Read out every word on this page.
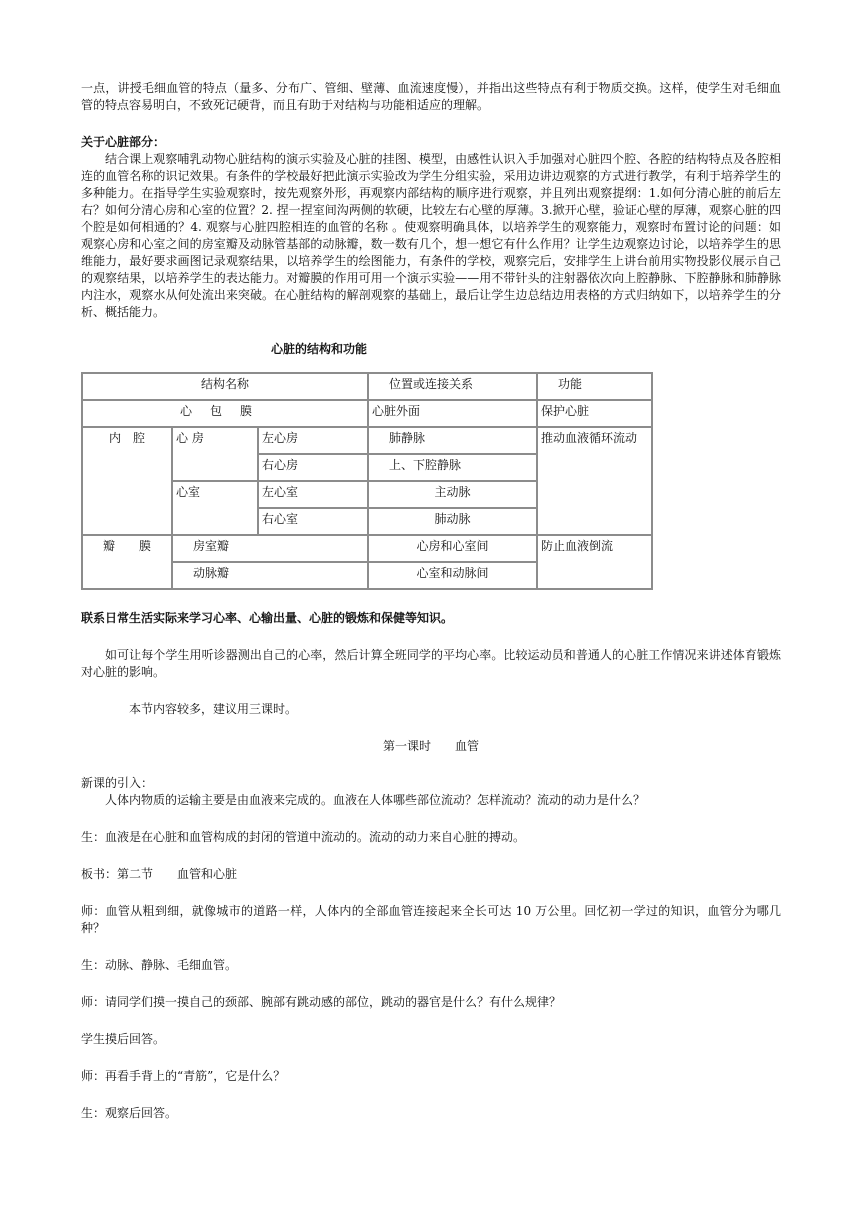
一点，讲授毛细血管的特点（量多、分布广、管细、壁薄、血流速度慢），并指出这些特点有利于物质交换。这样，使学生对毛细血管的特点容易明白，不致死记硬背，而且有助于对结构与功能相适应的理解。

关于心脏部分：

结合课上观察哺乳动物心脏结构的演示实验及心脏的挂图、模型，由感性认识入手加强对心脏四个腔、各腔的结构特点及各腔相连的血管名称的识记效果。有条件的学校最好把此演示实验改为学生分组实验，采用边讲边观察的方式进行教学，有利于培养学生的多种能力。在指导学生实验观察时，按先观察外形，再观察内部结构的顺序进行观察，并且列出观察提纲：1.如何分清心脏的前后左右？如何分清心房和心室的位置？2. 捏一捏室间沟两侧的软硬，比较左右心壁的厚薄。3.掀开心壁，验证心壁的厚薄，观察心脏的四个腔是如何相通的？4. 观察与心脏四腔相连的血管的名称 。使观察明确具体，以培养学生的观察能力，观察时布置讨论的问题：如观察心房和心室之间的房室瓣及动脉管基部的动脉瓣，数一数有几个，想一想它有什么作用？让学生边观察边讨论，以培养学生的思维能力，最好要求画图记录观察结果，以培养学生的绘图能力，有条件的学校，观察完后，安排学生上讲台前用实物投影仪展示自己的观察结果，以培养学生的表达能力。对瓣膜的作用可用一个演示实验——用不带针头的注射器依次向上腔静脉、下腔静脉和肺静脉内注水，观察水从何处流出来突破。在心脏结构的解剖观察的基础上，最后让学生边总结边用表格的方式归纳如下，以培养学生的分析、概括能力。

心脏的结构和功能

结构名称			位置或连接关系	功能
心包膜			心脏外面	保护心脏
内　腔	心 房	左心房	肺静脉	推动血液循环流动
		右心房	上、下腔静脉	
	心室	左心室	主动脉	
		右心室	肺动脉	
瓣　　膜	房室瓣		心房和心室间	防止血液倒流
	动脉瓣		心室和动脉间	

联系日常生活实际来学习心率、心输出量、心脏的锻炼和保健等知识。

如可让每个学生用听诊器测出自己的心率，然后计算全班同学的平均心率。比较运动员和普通人的心脏工作情况来讲述体育锻炼对心脏的影响。

本节内容较多，建议用三课时。

第一课时　　血管

新课的引入：

人体内物质的运输主要是由血液来完成的。血液在人体哪些部位流动？怎样流动？流动的动力是什么？

生：血液是在心脏和血管构成的封闭的管道中流动的。流动的动力来自心脏的搏动。

板书：第二节　　血管和心脏

师：血管从粗到细，就像城市的道路一样，人体内的全部血管连接起来全长可达 10 万公里。回忆初一学过的知识，血管分为哪几种？

生：动脉、静脉、毛细血管。

师：请同学们摸一摸自己的颈部、腕部有跳动感的部位，跳动的器官是什么？有什么规律？

学生摸后回答。

师：再看手背上的“青筋”，它是什么？

生：观察后回答。
